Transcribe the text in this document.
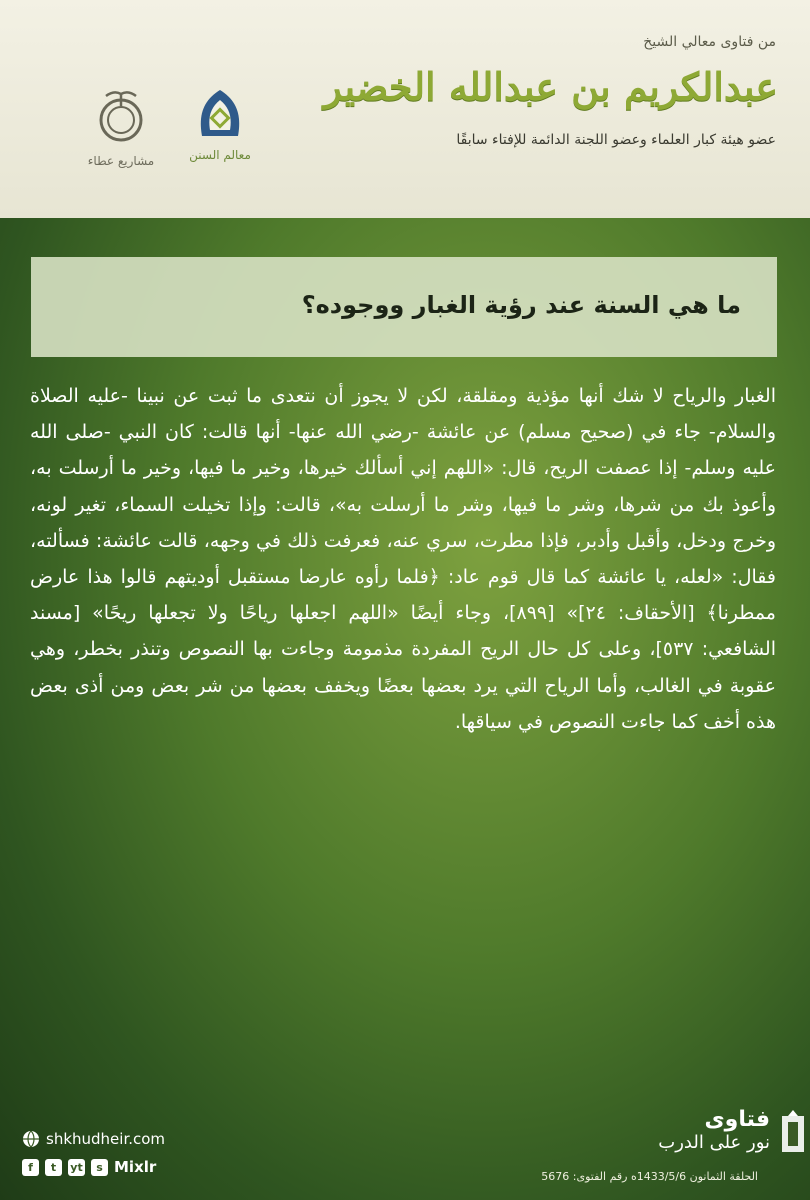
من فتاوى معالي الشيخ
عبدالكريم بن عبدالله الخضير
عضو هيئة كبار العلماء وعضو اللجنة الدائمة للإفتاء سابقًا
مشاريع عطاء	معالم السنن
ما هي السنة عند رؤية الغبار ووجوده؟
الغبار والرياح لا شك أنها مؤذية ومقلقة، لكن لا يجوز أن نتعدى ما ثبت عن نبينا -عليه الصلاة والسلام- جاء في (صحيح مسلم) عن عائشة -رضي الله عنها- أنها قالت: كان النبي -صلى الله عليه وسلم- إذا عصفت الريح، قال: «اللهم إني أسألك خيرها، وخير ما فيها، وخير ما أرسلت به، وأعوذ بك من شرها، وشر ما فيها، وشر ما أرسلت به»، قالت: وإذا تخيلت السماء، تغير لونه، وخرج ودخل، وأقبل وأدبر، فإذا مطرت، سري عنه، فعرفت ذلك في وجهه، قالت عائشة: فسألته، فقال: «لعله، يا عائشة كما قال قوم عاد: ﴿فلما رأوه عارضا مستقبل أوديتهم قالوا هذا عارض ممطرنا﴾ [الأحقاف: ٢٤]» [٨٩٩]، وجاء أيضًا «اللهم اجعلها رياحًا ولا تجعلها ريحًا» [مسند الشافعي: ٥٣٧]، وعلى كل حال الريح المفردة مذمومة وجاءت بها النصوص وتنذر بخطر، وهي عقوبة في الغالب، وأما الرياح التي يرد بعضها بعضًا ويخفف بعضها من شر بعض ومن أذى بعض هذه أخف كما جاءت النصوص في سياقها.
shkhudheir.com
f	t	yt	s Mixlr
فتاوى
نور على الدرب
الحلقة الثمانون 1433/5/6ه رقم الفتوى: 5676
